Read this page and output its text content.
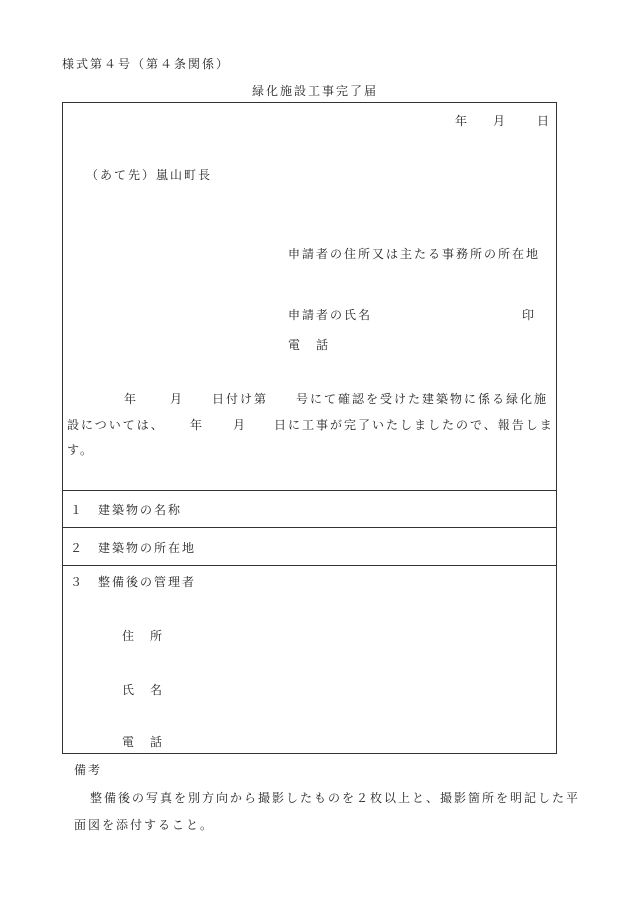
様式第４号（第４条関係）
緑化施設工事完了届
年 月 日
（あて先）嵐山町長
申請者の住所又は主たる事務所の所在地
申請者の氏名	印
電　話
年	月 日付け第 号にて確認を受けた建築物に係る緑化施
設については、 年 月 日に工事が完了いたしましたので、報告しま
す。
１　建築物の名称
２　建築物の所在地
３　整備後の管理者
住　所
氏　名
電　話
備考
整備後の写真を別方向から撮影したものを２枚以上と、撮影箇所を明記した平
面図を添付すること。
